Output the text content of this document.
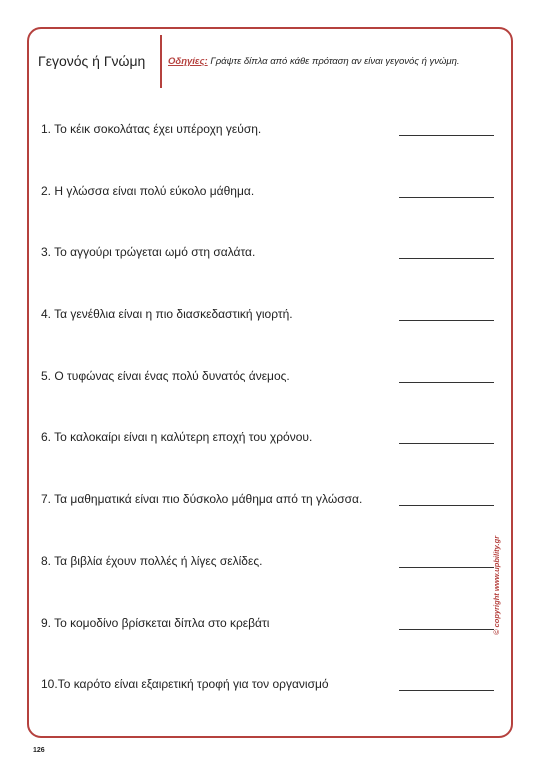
Γεγονός ή Γνώμη Οδηγίες: Γράψτε δίπλα από κάθε πρόταση αν είναι γεγονός ή γνώμη.
1. Το κέικ σοκολάτας έχει υπέροχη γεύση.
2. Η γλώσσα είναι πολύ εύκολο μάθημα.
3. Το αγγούρι τρώγεται ωμό στη σαλάτα.
4. Τα γενέθλια είναι η πιο διασκεδαστική γιορτή.
5. Ο τυφώνας είναι ένας πολύ δυνατός άνεμος.
6. Το καλοκαίρι είναι η καλύτερη εποχή του χρόνου.
7. Τα μαθηματικά είναι πιο δύσκολο μάθημα από τη γλώσσα.
8. Τα βιβλία έχουν πολλές ή λίγες σελίδες.
9. Το κομοδίνο βρίσκεται δίπλα στο κρεβάτι
10.Το καρότο είναι εξαιρετική τροφή για τον οργανισμό
© copyright www.upbility.gr
126
